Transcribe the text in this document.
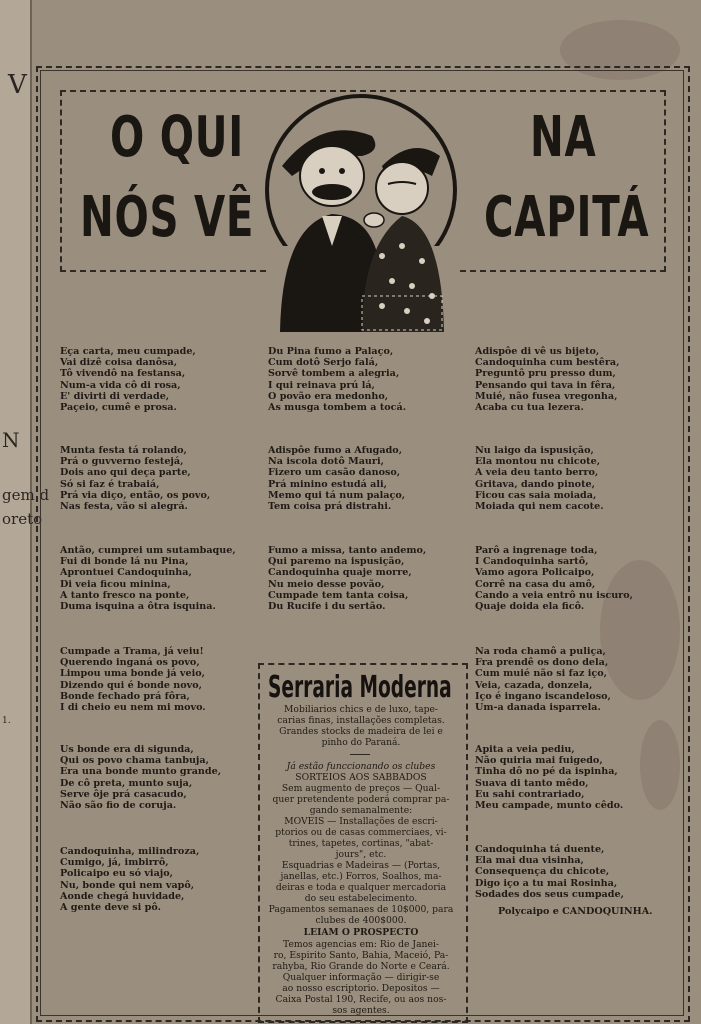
V
N
gem d
oreto
1.
O QUI
NÓS VÊ
NA
CAPITÁ
Eça carta, meu cumpade,
Vai dizê coisa danôsa,
Tô vivendô na festansa,
Num-a vida cô di rosa,
E' divirti di verdade,
Paçeio, cumê e prosa.
Munta festa tá rolando,
Prá o guvverno festejá,
Dois ano qui deça parte,
Só si faz é trabaiá,
Prá via diço, então, os povo,
Nas festa, vão si alegrá.
Antão, cumprei um sutambaque,
Fui di bonde lá nu Pina,
Aprontuei Candoquinha,
Di veia ficou minina,
A tanto fresco na ponte,
Duma isquina a ôtra isquina.
Cumpade a Trama, já veiu!
Querendo inganá os povo,
Limpou uma bonde já veio,
Dizendo qui é bonde novo,
Bonde fechado prá fôra,
I di cheio eu nem mi movo.
Us bonde era di sigunda,
Qui os povo chama tanbuja,
Era una bonde munto grande,
De cô preta, munto suja,
Serve ôje prá casacudo,
Não são fio de coruja.
Candoquinha, milindroza,
Cumigo, já, imbirrô,
Policaipo eu só viajo,
Nu, bonde qui nem vapô,
Aonde chegá huvidade,
A gente deve si pô.
Du Pina fumo a Palaço,
Cum dotô Serjo falá,
Sorvê tombem a alegria,
I qui reinava prú lá,
O povão era medonho,
As musga tombem a tocá.
Adispôe fumo a Afugado,
Na iscola dotô Mauri,
Fizero um casão danoso,
Prá minino estudá ali,
Memo qui tá num palaço,
Tem coisa prá distrahi.
Fumo a missa, tanto andemo,
Qui paremo na ispusição,
Candoquinha quaje morre,
Nu meio desse povão,
Cumpade tem tanta coisa,
Du Rucife i du sertão.
Adispôe di vê us bijeto,
Candoquinha cum bestêra,
Preguntô pru presso dum,
Pensando qui tava in fêra,
Muié, não fusea vregonha,
Acaba cu tua lezera.
Nu laigo da ispusição,
Ela montou nu chicote,
A veia deu tanto berro,
Gritava, dando pinote,
Ficou cas saia moiada,
Moiada qui nem cacote.
Parô a ingrenage toda,
I Candoquinha sartô,
Vamo agora Policaipo,
Corrê na casa du amô,
Cando a veia entrô nu iscuro,
Quaje doida ela ficô.
Na roda chamô a puliça,
Fra prendê os dono dela,
Cum muié não si faz iço,
Veia, cazada, donzela,
Iço é ingano iscandeloso,
Um-a danada isparrela.
Apita a veia pediu,
Não quiria mai fuigedo,
Tinha dô no pé da ispinha,
Suava di tanto mêdo,
Eu sahi contrariado,
Meu campade, munto cêdo.
Candoquinha tá duente,
Ela mai dua visinha,
Consequença du chicote,
Digo iço a tu mai Rosinha,
Sodades dos seus cumpade,
Polycaipo e CANDOQUINHA.
Serraria Moderna
Mobiliarios chics e de luxo, tape-
carias finas, installações completas.
Grandes stocks de madeira de lei e
pinho do Paraná.
Já estão funccionando os clubes
SORTEIOS AOS SABBADOS
Sem augmento de preços — Qual-
quer pretendente poderá comprar pa-
gando semanalmente:
MOVEIS — Installações de escri-
ptorios ou de casas commerciaes, vi-
trines, tapetes, cortinas, "abat-
jours", etc.
Esquadrias e Madeiras — (Portas,
janellas, etc.) Forros, Soalhos, ma-
deiras e toda e qualquer mercadoria
do seu estabelecimento.
Pagamentos semanaes de 10$000, para
clubes de 400$000.
LEIAM O PROSPECTO
Temos agencias em: Rio de Janei-
ro, Espirito Santo, Bahia, Maceió, Pa-
rahyba, Rio Grande do Norte e Ceará.
Qualquer informação — dirigir-se
ao nosso escriptorio. Depositos —
Caixa Postal 190, Recife, ou aos nos-
sos agentes.
